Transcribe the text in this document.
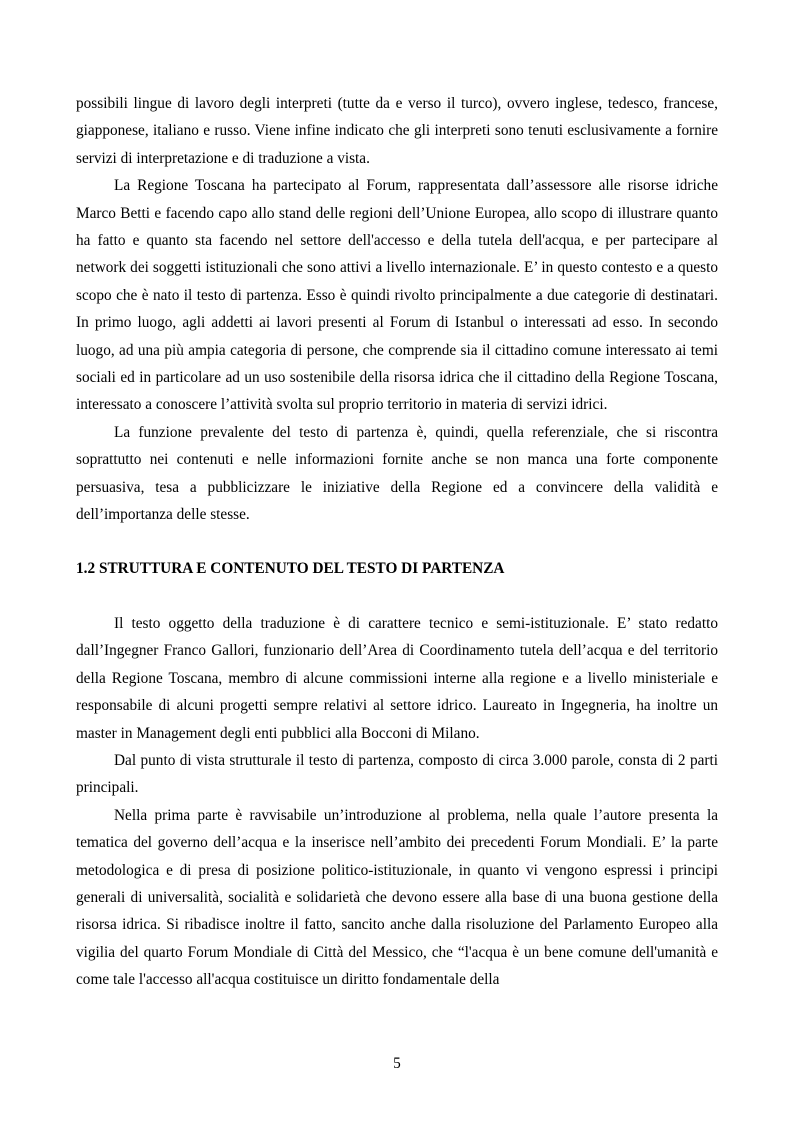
possibili lingue di lavoro degli interpreti (tutte da e verso il turco), ovvero inglese, tedesco, francese, giapponese, italiano e russo. Viene infine indicato che gli interpreti sono tenuti esclusivamente a fornire servizi di interpretazione e di traduzione a vista.

La Regione Toscana ha partecipato al Forum, rappresentata dall’assessore alle risorse idriche Marco Betti e facendo capo allo stand delle regioni dell’Unione Europea, allo scopo di illustrare quanto ha fatto e quanto sta facendo nel settore dell'accesso e della tutela dell'acqua, e per partecipare al network dei soggetti istituzionali che sono attivi a livello internazionale. E’ in questo contesto e a questo scopo che è nato il testo di partenza. Esso è quindi rivolto principalmente a due categorie di destinatari. In primo luogo, agli addetti ai lavori presenti al Forum di Istanbul o interessati ad esso. In secondo luogo, ad una più ampia categoria di persone, che comprende sia il cittadino comune interessato ai temi sociali ed in particolare ad un uso sostenibile della risorsa idrica che il cittadino della Regione Toscana, interessato a conoscere l’attività svolta sul proprio territorio in materia di servizi idrici.

La funzione prevalente del testo di partenza è, quindi, quella referenziale, che si riscontra soprattutto nei contenuti e nelle informazioni fornite anche se non manca una forte componente persuasiva, tesa a pubblicizzare le iniziative della Regione ed a convincere della validità e dell’importanza delle stesse.

1.2 STRUTTURA E CONTENUTO DEL TESTO DI PARTENZA

Il testo oggetto della traduzione è di carattere tecnico e semi-istituzionale. E’ stato redatto dall’Ingegner Franco Gallori, funzionario dell’Area di Coordinamento tutela dell’acqua e del territorio della Regione Toscana, membro di alcune commissioni interne alla regione e a livello ministeriale e responsabile di alcuni progetti sempre relativi al settore idrico. Laureato in Ingegneria, ha inoltre un master in Management degli enti pubblici alla Bocconi di Milano.

Dal punto di vista strutturale il testo di partenza, composto di circa 3.000 parole, consta di 2 parti principali.

Nella prima parte è ravvisabile un’introduzione al problema, nella quale l’autore presenta la tematica del governo dell’acqua e la inserisce nell’ambito dei precedenti Forum Mondiali. E’ la parte metodologica e di presa di posizione politico-istituzionale, in quanto vi vengono espressi i principi generali di universalità, socialità e solidarietà che devono essere alla base di una buona gestione della risorsa idrica. Si ribadisce inoltre il fatto, sancito anche dalla risoluzione del Parlamento Europeo alla vigilia del quarto Forum Mondiale di Città del Messico, che “l'acqua è un bene comune dell'umanità e come tale l'accesso all'acqua costituisce un diritto fondamentale della

5
